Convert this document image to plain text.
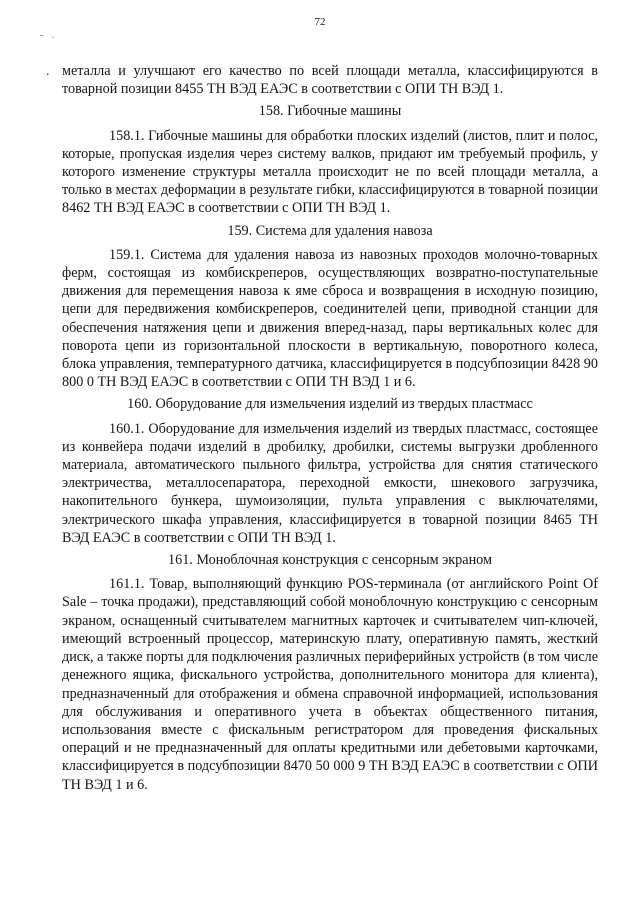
72
- .
. металла и улучшают его качество по всей площади металла, классифицируются в товарной позиции 8455 ТН ВЭД ЕАЭС в соответствии с ОПИ ТН ВЭД 1.

158. Гибочные машины

158.1. Гибочные машины для обработки плоских изделий (листов, плит и полос, которые, пропуская изделия через систему валков, придают им требуемый профиль, у которого изменение структуры металла происходит не по всей площади металла, а только в местах деформации в результате гибки, классифицируются в товарной позиции 8462 ТН ВЭД ЕАЭС в соответствии с ОПИ ТН ВЭД 1.

159. Система для удаления навоза

159.1. Система для удаления навоза из навозных проходов молочно-товарных ферм, состоящая из комбискреперов, осуществляющих возвратно-поступательные движения для перемещения навоза к яме сброса и возвращения в исходную позицию, цепи для передвижения комбискреперов, соединителей цепи, приводной станции для обеспечения натяжения цепи и движения вперед-назад, пары вертикальных колес для поворота цепи из горизонтальной плоскости в вертикальную, поворотного колеса, блока управления, температурного датчика, классифицируется в подсубпозиции 8428 90 800 0 ТН ВЭД ЕАЭС в соответствии с ОПИ ТН ВЭД 1 и 6.

160. Оборудование для измельчения изделий из твердых пластмасс

160.1. Оборудование для измельчения изделий из твердых пластмасс, состоящее из конвейера подачи изделий в дробилку, дробилки, системы выгрузки дробленного материала, автоматического пыльного фильтра, устройства для снятия статического электричества, металлосепаратора, переходной емкости, шнекового загрузчика, накопительного бункера, шумоизоляции, пульта управления с выключателями, электрического шкафа управления, классифицируется в товарной позиции 8465 ТН ВЭД ЕАЭС в соответствии с ОПИ ТН ВЭД 1.

161. Моноблочная конструкция с сенсорным экраном

161.1. Товар, выполняющий функцию POS-терминала (от английского Point Of Sale – точка продажи), представляющий собой моноблочную конструкцию с сенсорным экраном, оснащенный считывателем магнитных карточек и считывателем чип-ключей, имеющий встроенный процессор, материнскую плату, оперативную память, жесткий диск, а также порты для подключения различных периферийных устройств (в том числе денежного ящика, фискального устройства, дополнительного монитора для клиента), предназначенный для отображения и обмена справочной информацией, использования для обслуживания и оперативного учета в объектах общественного питания, использования вместе с фискальным регистратором для проведения фискальных операций и не предназначенный для оплаты кредитными или дебетовыми карточками, классифицируется в подсубпозиции 8470 50 000 9 ТН ВЭД ЕАЭС в соответствии с ОПИ ТН ВЭД 1 и 6.
